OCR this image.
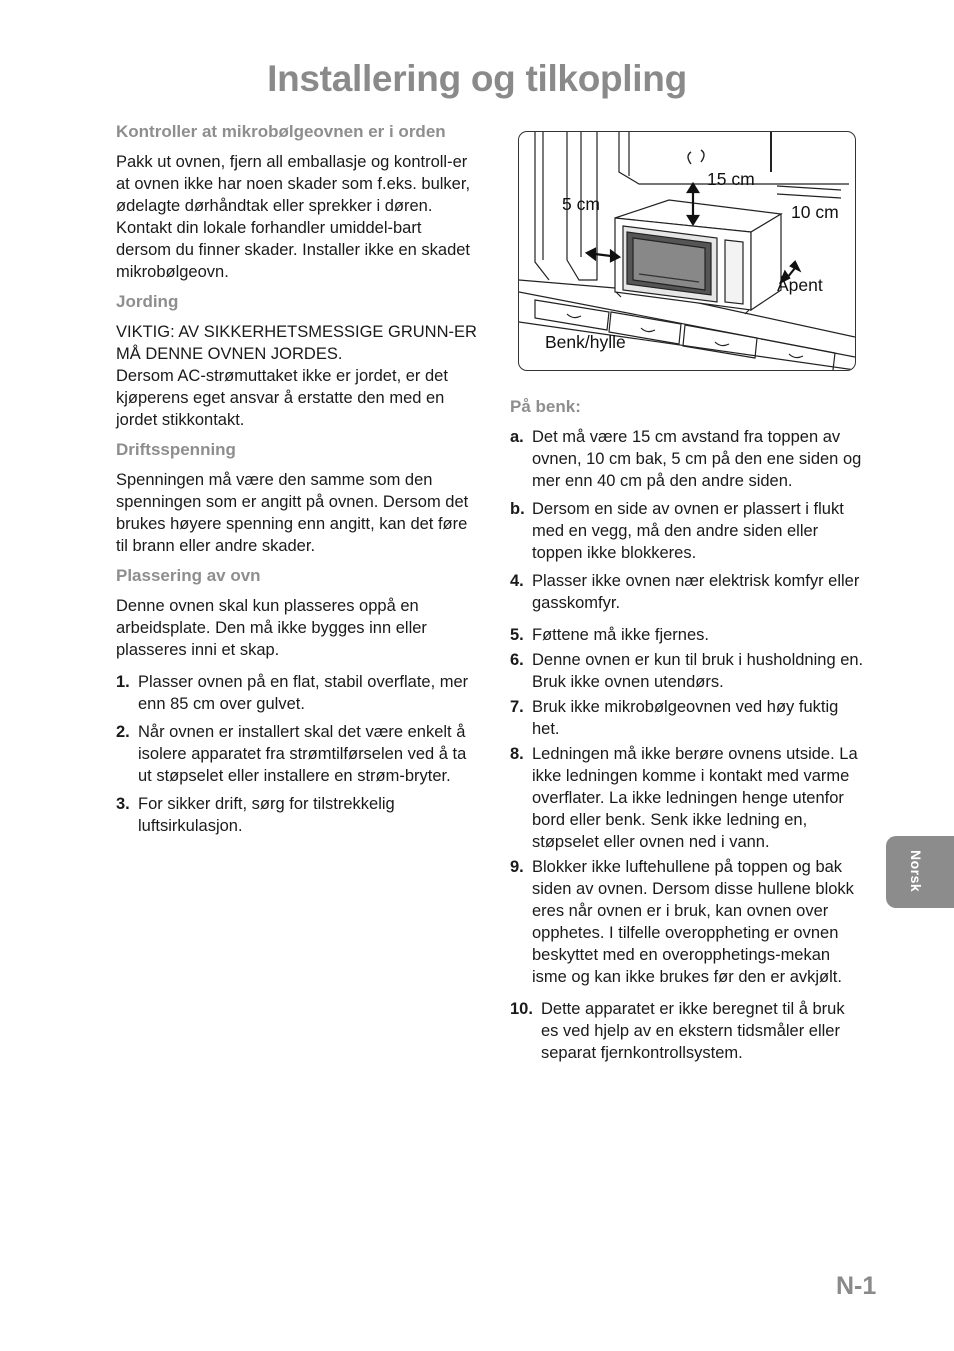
Installering og tilkopling
Kontroller at mikrobølgeovnen er i orden
Pakk ut ovnen, fjern all emballasje og kontroll-er at ovnen ikke har noen skader som f.eks. bulker, ødelagte dørhåndtak eller sprekker i døren. Kontakt din lokale forhandler umiddel-bart dersom du finner skader. Installer ikke en skadet mikrobølgeovn.
Jording
VIKTIG: AV SIKKERHETSMESSIGE GRUNN-ER MÅ DENNE OVNEN JORDES.
Dersom AC-strømuttaket ikke er jordet, er det kjøperens eget ansvar å erstatte den med en jordet stikkontakt.
Driftsspenning
Spenningen må være den samme som den spenningen som er angitt på ovnen. Dersom det brukes høyere spenning enn angitt, kan det føre til brann eller andre skader.
Plassering av ovn
Denne ovnen skal kun plasseres oppå en arbeidsplate. Den må ikke bygges inn eller plasseres inni et skap.
1. Plasser ovnen på en flat, stabil overflate, mer enn 85 cm over gulvet.
2. Når ovnen er installert skal det være enkelt å isolere apparatet fra strømtilførselen ved å ta ut støpselet eller installere en strøm-bryter.
3. For sikker drift, sørg for tilstrekkelig luftsirkulasjon.
15 cm
5 cm	10 cm
Åpent
Benk/hylle
På benk:
a. Det må være 15 cm avstand fra toppen av ovnen, 10 cm bak, 5 cm på den ene siden og mer enn 40 cm på den andre siden.
b. Dersom en side av ovnen er plassert i flukt med en vegg, må den andre siden eller toppen ikke blokkeres.
4. Plasser ikke ovnen nær elektrisk komfyr eller gasskomfyr.
5. Føttene må ikke fjernes.
6. Denne ovnen er kun til bruk i husholdning en. Bruk ikke ovnen utendørs.
7. Bruk ikke mikrobølgeovnen ved høy fuktig het.
8. Ledningen må ikke berøre ovnens utside. La ikke ledningen komme i kontakt med varme overflater. La ikke ledningen henge utenfor bord eller benk. Senk ikke ledning en, støpselet eller ovnen ned i vann.
9. Blokker ikke luftehullene på toppen og bak siden av ovnen. Dersom disse hullene blokk eres når ovnen er i bruk, kan ovnen over opphetes. I tilfelle overoppheting er ovnen beskyttet med en overopphetings-mekan isme og kan ikke brukes før den er avkjølt.
10. Dette apparatet er ikke beregnet til å bruk es ved hjelp av en ekstern tidsmåler eller separat fjernkontrollsystem.
Norsk
N-1
